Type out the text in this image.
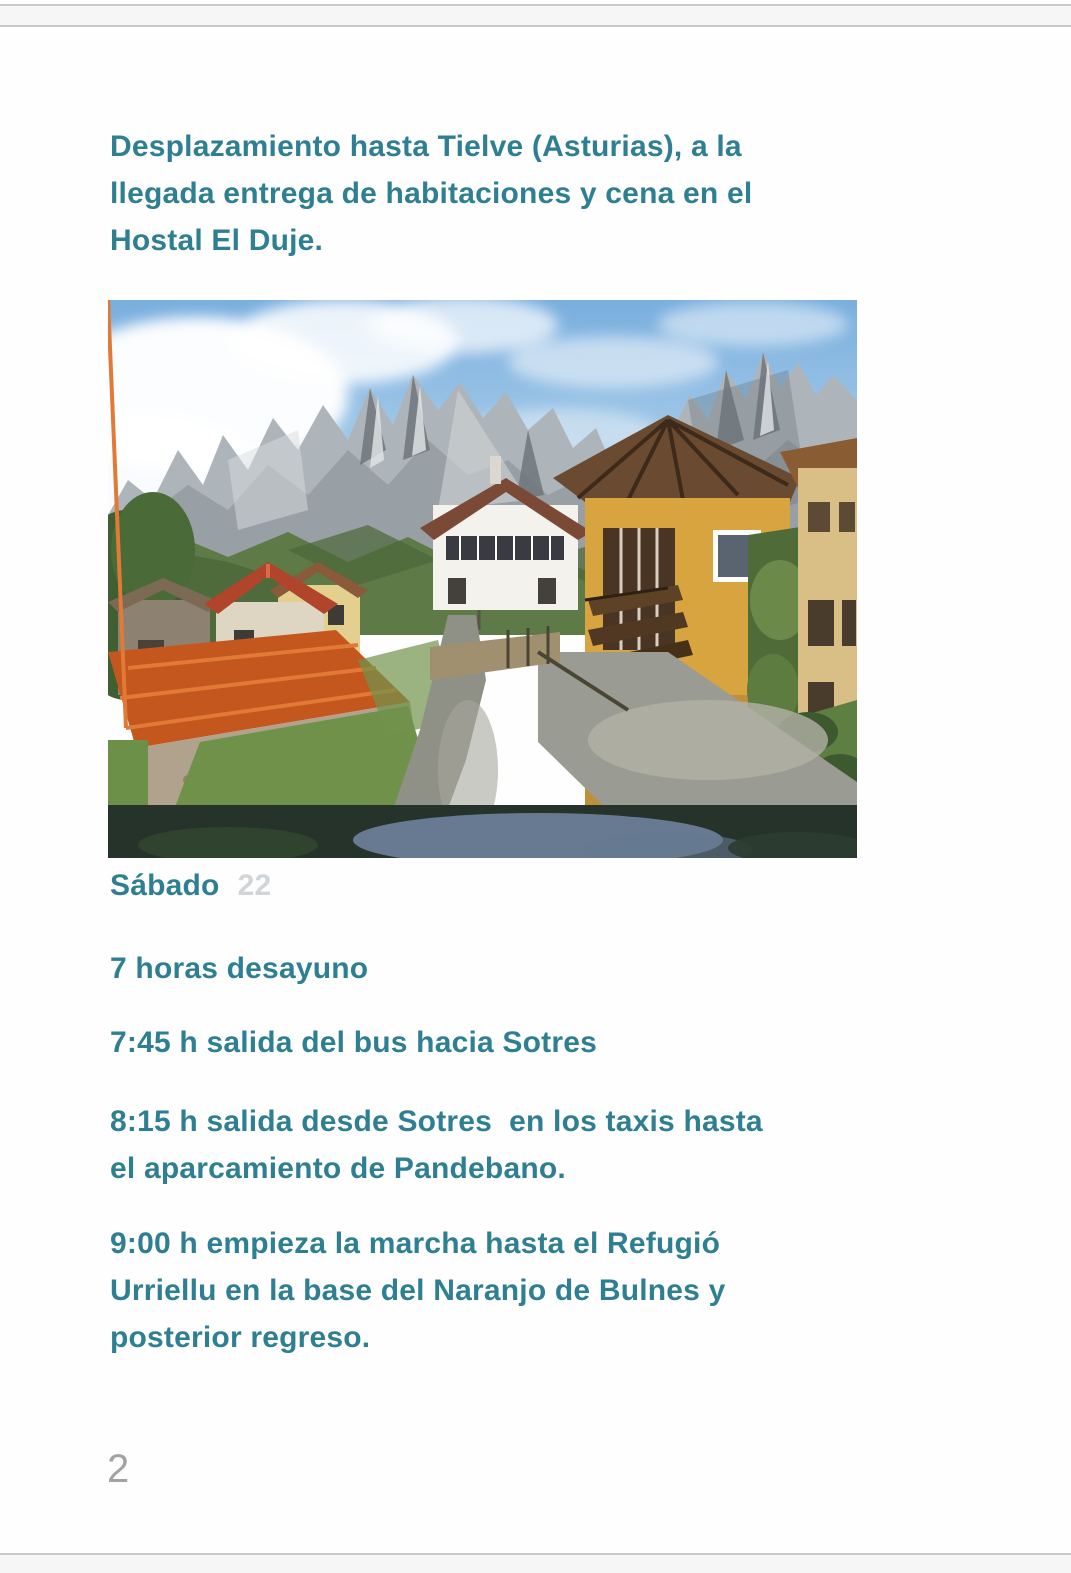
Desplazamiento hasta Tielve (Asturias), a la
llegada entrega de habitaciones y cena en el
Hostal El Duje.
Sábado 22
7 horas desayuno
7:45 h salida del bus hacia Sotres
8:15 h salida desde Sotres  en los taxis hasta
el aparcamiento de Pandebano.
9:00 h empieza la marcha hasta el Refugió
Urriellu en la base del Naranjo de Bulnes y
posterior regreso.
2
